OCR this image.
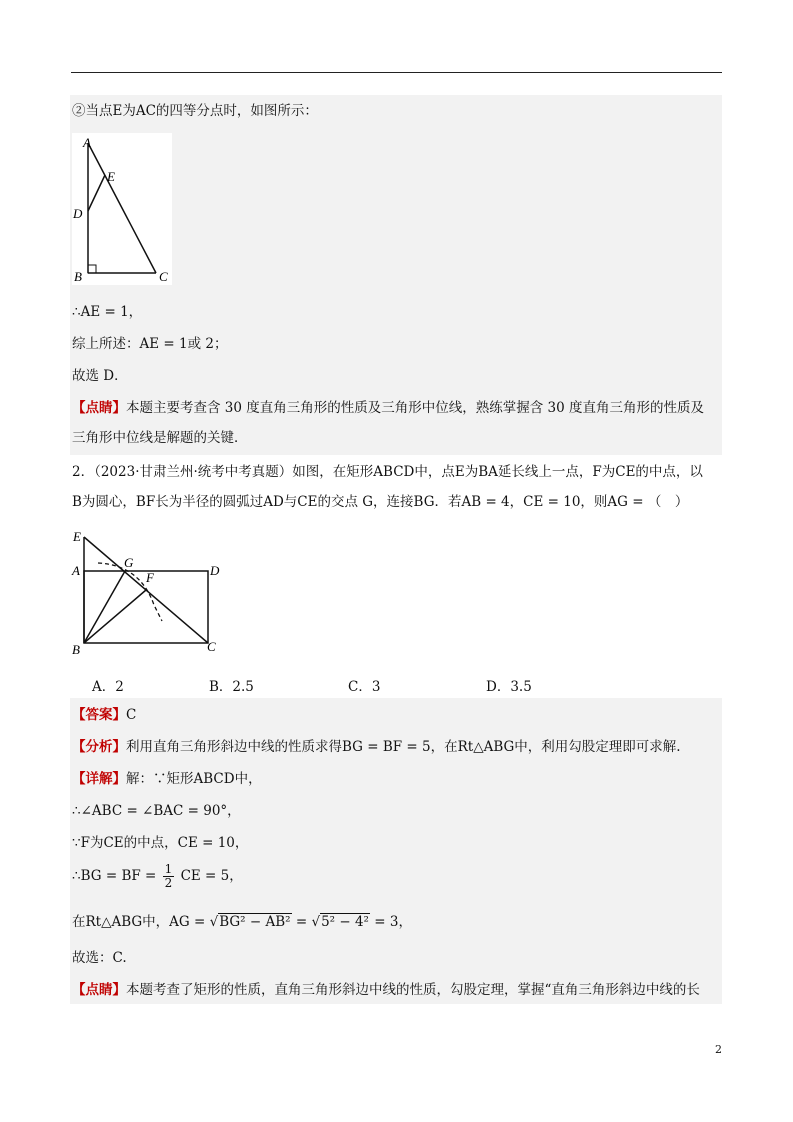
②当点E为AC的四等分点时，如图所示：
A
E
D
B	C
∴AE = 1，
综上所述：AE = 1或 2；
故选 D．
【点睛】本题主要考查含 30 度直角三角形的性质及三角形中位线，熟练掌握含 30 度直角三角形的性质及
三角形中位线是解题的关键．
2．（2023·甘肃兰州·统考中考真题）如图，在矩形ABCD中，点E为BA延长线上一点，F为CE的中点，以
B为圆心，BF长为半径的圆弧过AD与CE的交点 G，连接BG．若AB = 4，CE = 10，则AG = （　）
E
A
G
F	D
B	C
A．2	B．2.5	C．3	D．3.5
【答案】C
【分析】利用直角三角形斜边中线的性质求得BG = BF = 5，在Rt△ABG中，利用勾股定理即可求解.
【详解】解：∵矩形ABCD中，
∴∠ABC = ∠BAC = 90°，
∵F为CE的中点，CE = 10，
∴BG = BF = $\frac{1}{2}$ CE = 5，
在Rt△ABG中，AG = √BG² − AB² = √5² − 4² = 3，
故选：C.
【点睛】本题考查了矩形的性质，直角三角形斜边中线的性质，勾股定理，掌握“直角三角形斜边中线的长
2
